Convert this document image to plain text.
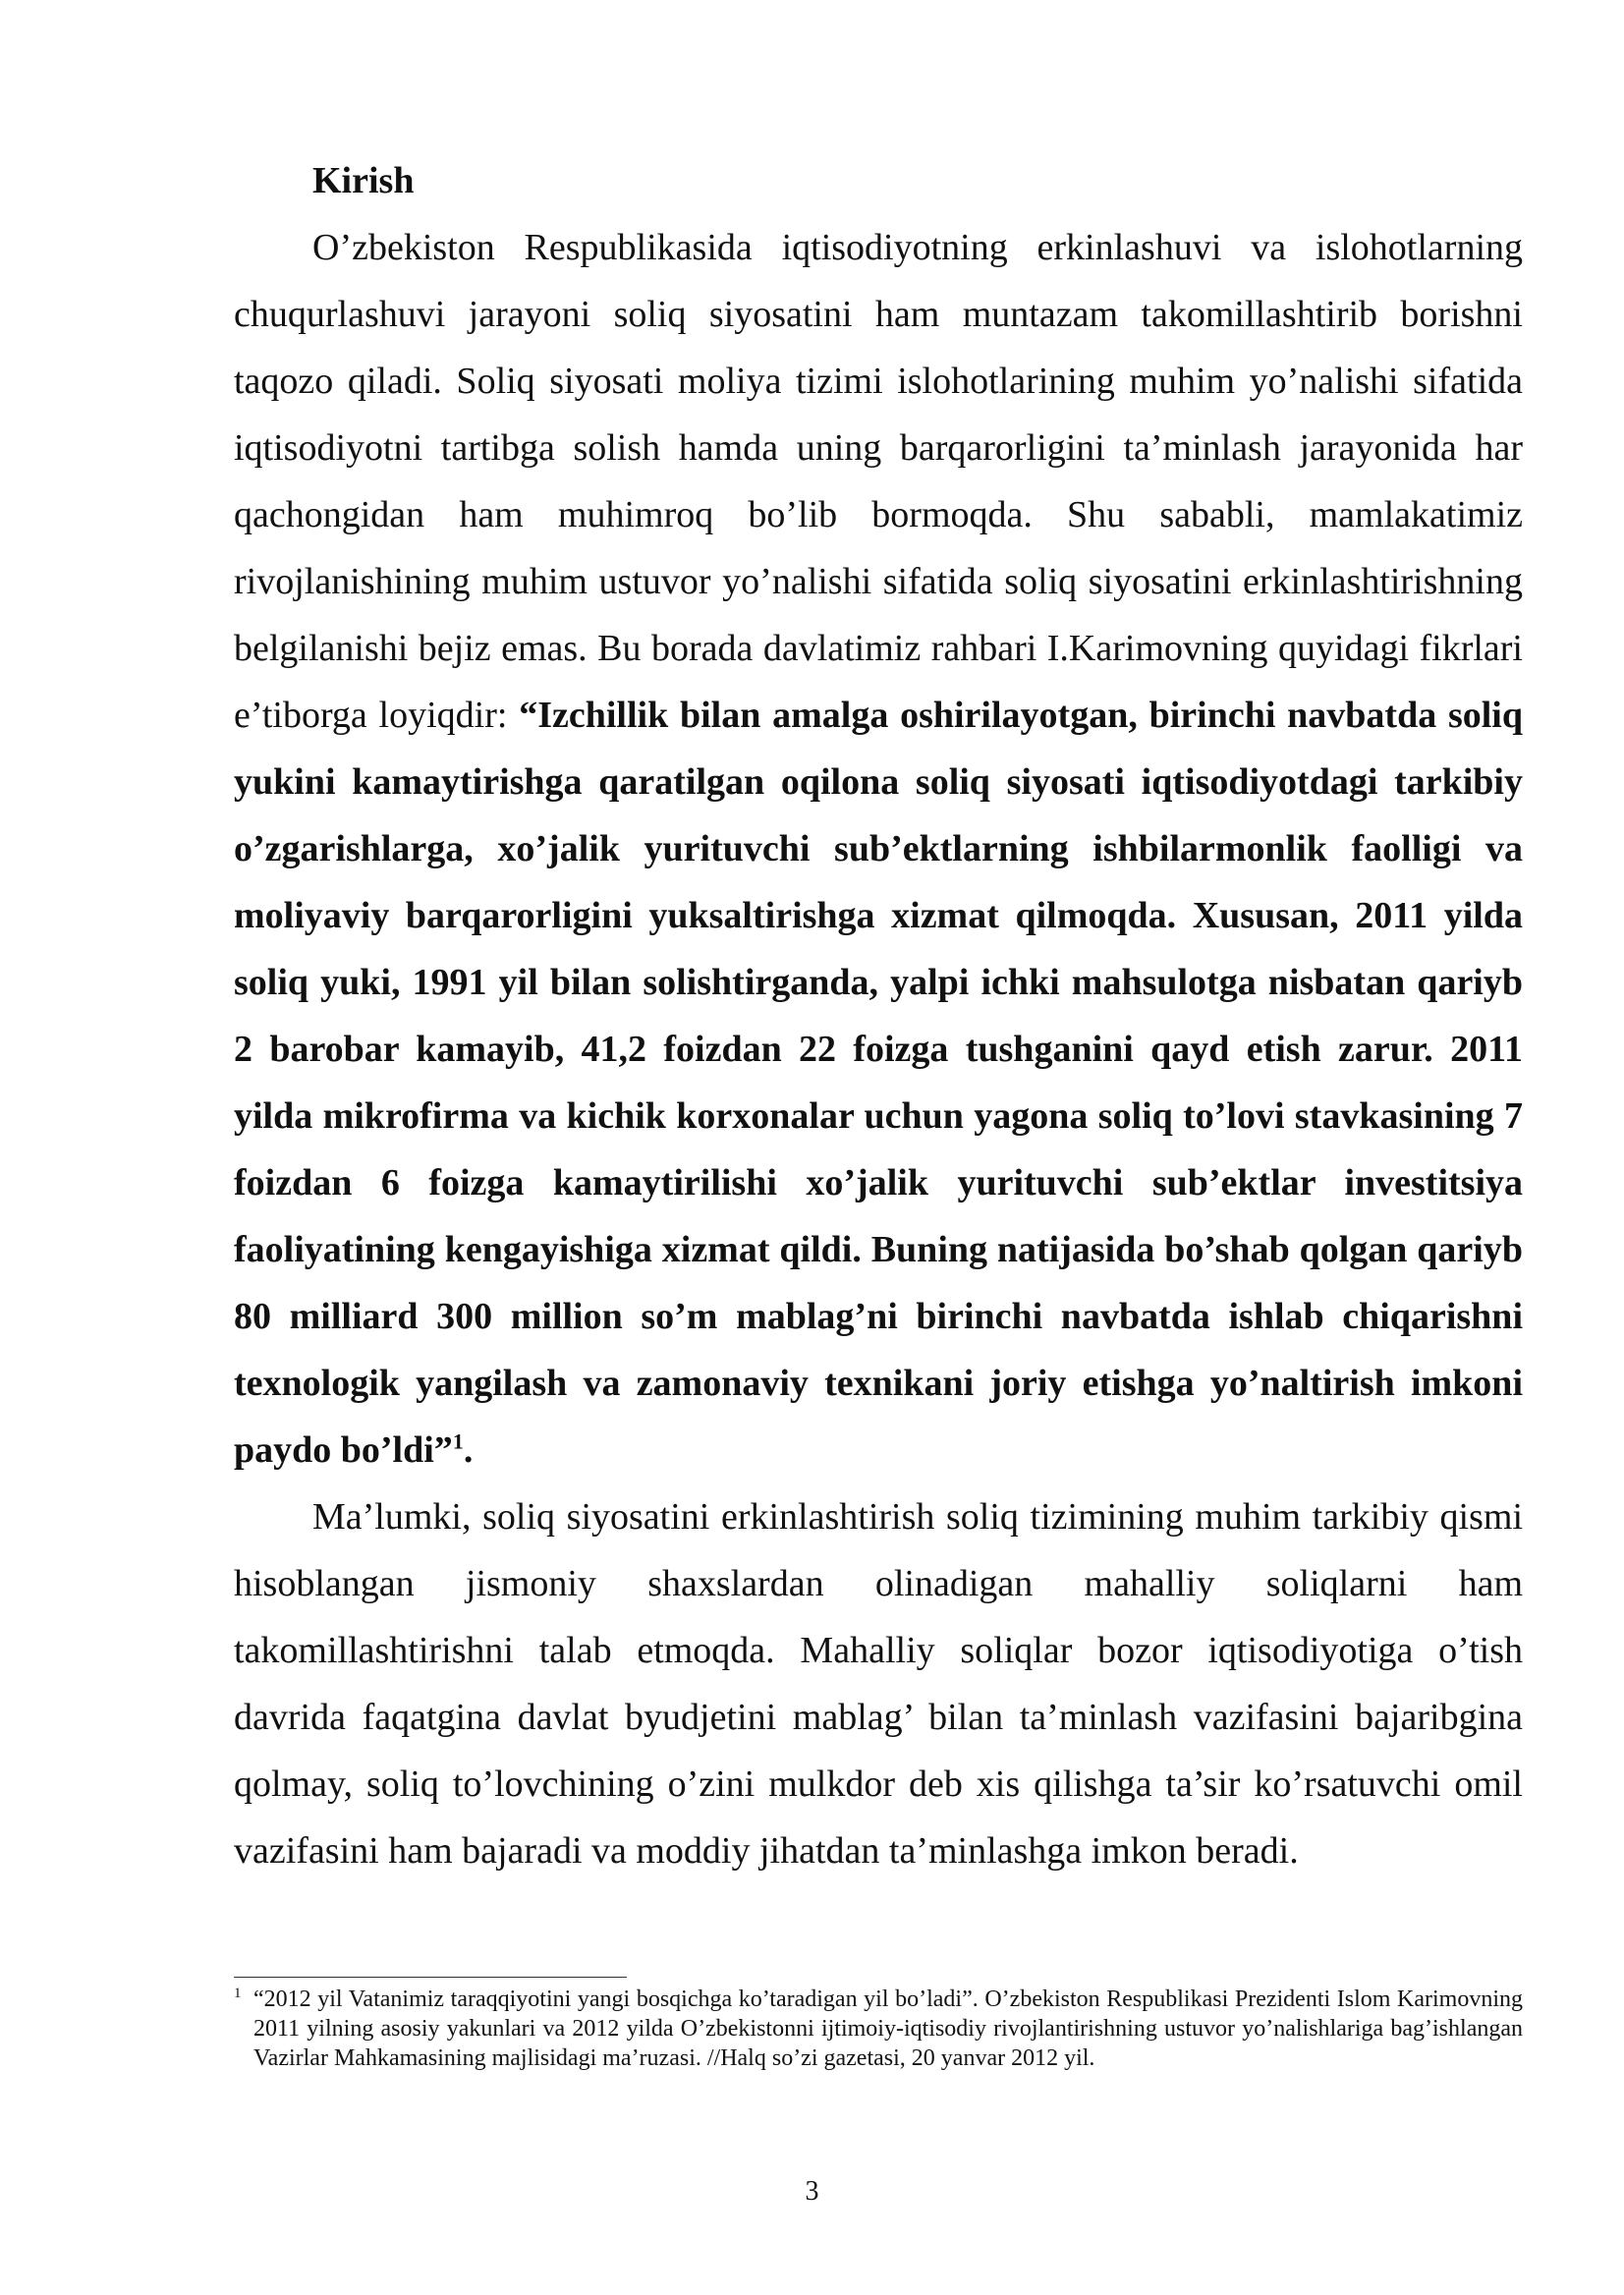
Kirish

O’zbekiston Respublikasida iqtisodiyotning erkinlashuvi va islohotlarning chuqurlashuvi jarayoni soliq siyosatini ham muntazam takomillashtirib borishni taqozo qiladi. Soliq siyosati moliya tizimi islohotlarining muhim yo’nalishi sifatida iqtisodiyotni tartibga solish hamda uning barqarorligini ta’minlash jarayonida har qachongidan ham muhimroq bo’lib bormoqda. Shu sababli, mamlakatimiz rivojlanishining muhim ustuvor yo’nalishi sifatida soliq siyosatini erkinlashtirishning belgilanishi bejiz emas. Bu borada davlatimiz rahbari I.Karimovning quyidagi fikrlari e’tiborga loyiqdir: “Izchillik bilan amalga oshirilayotgan, birinchi navbatda soliq yukini kamaytirishga qaratilgan oqilona soliq siyosati iqtisodiyotdagi tarkibiy o’zgarishlarga, xo’jalik yurituvchi sub’ektlarning ishbilarmonlik faolligi va moliyaviy barqarorligini yuksaltirishga xizmat qilmoqda. Xususan, 2011 yilda soliq yuki, 1991 yil bilan solishtirganda, yalpi ichki mahsulotga nisbatan qariyb 2 barobar kamayib, 41,2 foizdan 22 foizga tushganini qayd etish zarur. 2011 yilda mikrofirma va kichik korxonalar uchun yagona soliq to’lovi stavkasining 7 foizdan 6 foizga kamaytirilishi xo’jalik yurituvchi sub’ektlar investitsiya faoliyatining kengayishiga xizmat qildi. Buning natijasida bo’shab qolgan qariyb 80 milliard 300 million so’m mablag’ni birinchi navbatda ishlab chiqarishni texnologik yangilash va zamonaviy texnikani joriy etishga yo’naltirish imkoni paydo bo’ldi”$^1$.

Ma’lumki, soliq siyosatini erkinlashtirish soliq tizimining muhim tarkibiy qismi hisoblangan jismoniy shaxslardan olinadigan mahalliy soliqlarni ham takomillashtirishni talab etmoqda. Mahalliy soliqlar bozor iqtisodiyotiga o’tish davrida faqatgina davlat byudjetini mablag’ bilan ta’minlash vazifasini bajaribgina qolmay, soliq to’lovchining o’zini mulkdor deb xis qilishga ta’sir ko’rsatuvchi omil vazifasini ham bajaradi va moddiy jihatdan ta’minlashga imkon beradi.

$^1$ “2012 yil Vatanimiz taraqqiyotini yangi bosqichga ko’taradigan yil bo’ladi”. O’zbekiston Respublikasi Prezidenti Islom Karimovning 2011 yilning asosiy yakunlari va 2012 yilda O’zbekistonni ijtimoiy-iqtisodiy rivojlantirishning ustuvor yo’nalishlariga bag’ishlangan Vazirlar Mahkamasining majlisidagi ma’ruzasi. //Halq so’zi gazetasi, 20 yanvar 2012 yil.
3
